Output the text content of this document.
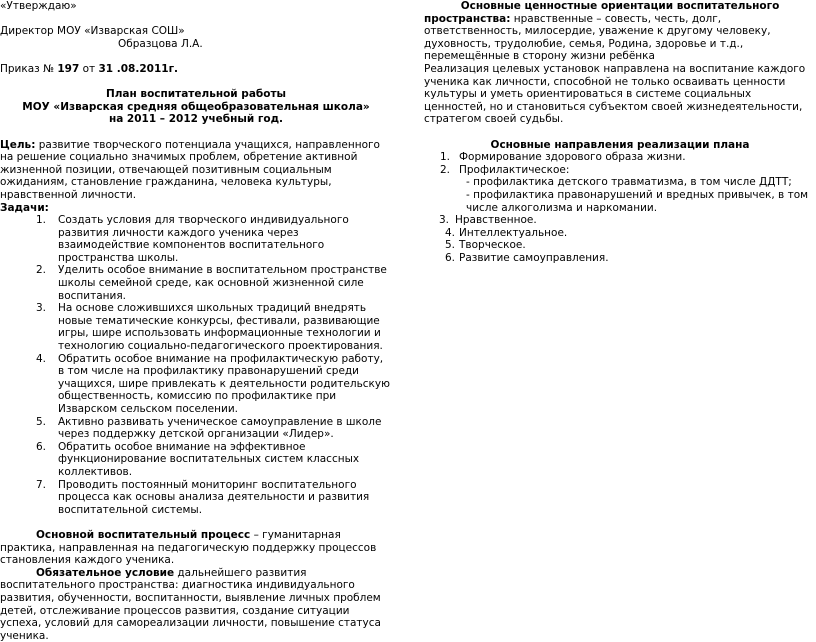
«Утверждаю»

Директор МОУ «Изварская СОШ»

Образцова Л.А.

Приказ № 197 от 31 .08.2011г.

План воспитательной работы

МОУ «Изварская средняя общеобразовательная школа»

на 2011 – 2012 учебный год.

Цель: развитие творческого потенциала учащихся, направленного на решение социально значимых проблем, обретение активной жизненной позиции, отвечающей позитивным социальным ожиданиям, становление гражданина, человека культуры, нравственной личности.

Задачи:

1. Создать условия для творческого индивидуального развития личности каждого ученика через взаимодействие компонентов воспитательного пространства школы.
2. Уделить особое внимание в воспитательном пространстве школы семейной среде, как основной жизненной силе воспитания.
3. На основе сложившихся школьных традиций внедрять новые тематические конкурсы, фестивали, развивающие игры, шире использовать информационные технологии и технологию социально-педагогического проектирования.
4. Обратить особое внимание на профилактическую работу, в том числе на профилактику правонарушений среди учащихся, шире привлекать к деятельности родительскую общественность, комиссию по профилактике при Изварском сельском поселении.
5. Активно развивать ученическое самоуправление в школе через поддержку детской организации «Лидер».
6. Обратить особое внимание на эффективное функционирование воспитательных систем классных коллективов.
7. Проводить постоянный мониторинг воспитательного процесса как основы анализа деятельности и развития воспитательной системы.

Основной воспитательный процесс – гуманитарная практика, направленная на педагогическую поддержку процессов становления каждого ученика.

Обязательное условие дальнейшего развития воспитательного пространства: диагностика индивидуального развития, обученности, воспитанности, выявление личных проблем детей, отслеживание процессов развития, создание ситуации успеха, условий для самореализации личности, повышение статуса ученика.

Основные ценностные ориентации воспитательного

пространства: нравственные – совесть, честь, долг, ответственность, милосердие, уважение к другому человеку, духовность, трудолюбие, семья, Родина, здоровье и т.д., перемещённые в сторону жизни ребёнка

Реализация целевых установок направлена на воспитание каждого ученика как личности, способной не только осваивать ценности культуры и уметь ориентироваться в системе социальных ценностей, но и становиться субъектом своей жизнедеятельности, стратегом своей судьбы.

Основные направления реализации плана

1. Формирование здорового образа жизни.
2. Профилактическое:
- профилактика детского травматизма, в том числе ДДТТ;
- профилактика правонарушений и вредных привычек, в том числе алкоголизма и наркомании.
3. Нравственное.
4. Интеллектуальное.
5. Творческое.
6. Развитие самоуправления.
